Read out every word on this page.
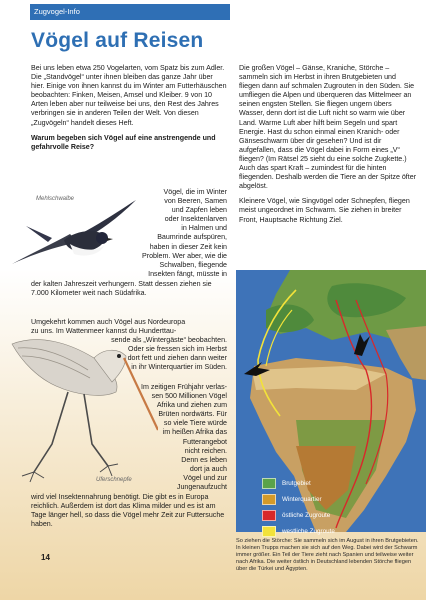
Zugvogel-Info
Vögel auf Reisen

Bei uns leben etwa 250 Vogelarten, vom Spatz bis zum Adler. Die „Standvögel“ unter ihnen bleiben das ganze Jahr über hier. Einige von ihnen kannst du im Winter am Futterhäuschen beobachten: Finken, Meisen, Amsel und Kleiber. 9 von 10 Arten leben aber nur teilweise bei uns, den Rest des Jahres verbringen sie in anderen Teilen der Welt. Von diesen „Zugvögeln“ handelt dieses Heft.

Warum begeben sich Vögel auf eine anstrengende und gefahrvolle Reise?

Mehlschwalbe
Vögel, die im Winter
von Beeren, Samen
und Zapfen leben
oder Insektenlarven
in Halmen und
Baumrinde aufspüren,
haben in dieser Zeit kein
Problem. Wer aber, wie die
Schwalben, fliegende
Insekten fängt, müsste in
der kalten Jahreszeit verhungern. Statt dessen ziehen sie 7.000 Kilometer weit nach Südafrika.
Umgekehrt kommen auch Vögel aus Nordeuropa
zu uns. Im Wattenmeer kannst du Hunderttau-
sende als „Wintergäste“ beobachten.
Oder sie fressen sich im Herbst
dort fett und ziehen dann weiter
in ihr Winterquartier im Süden.
Uferschnepfe
Im zeitigen Frühjahr verlas-
sen 500 Millionen Vögel
Afrika und ziehen zum
Brüten nordwärts. Für
so viele Tiere würde
im heißen Afrika das
Futterangebot
nicht reichen.
Denn es leben
dort ja auch
Vögel und zur
Jungenaufzucht
wird viel Insektennahrung benötigt. Die gibt es in Europa reichlich. Außerdem ist dort das Klima milder und es ist am Tage länger hell, so dass die Vögel mehr Zeit zur Futtersuche haben.

Die großen Vögel – Gänse, Kraniche, Störche – sammeln sich im Herbst in ihren Brutgebieten und fliegen dann auf schmalen Zugrouten in den Süden. Sie umfliegen die Alpen und überqueren das Mittelmeer an seinen engsten Stellen. Sie fliegen ungern übers Wasser, denn dort ist die Luft nicht so warm wie über Land. Warme Luft aber hilft beim Segeln und spart Energie. Hast du schon einmal einen Kranich- oder Gänseschwarm über dir gesehen? Und ist dir aufgefallen, dass die Vögel dabei in Form eines „V“ fliegen? (Im Rätsel 25 sieht du eine solche Zugkette.) Auch das spart Kraft – zumindest für die hinten fliegenden. Deshalb werden die Tiere an der Spitze öfter abgelöst.

Kleinere Vögel, wie Singvögel oder Schnepfen, fliegen meist ungeordnet im Schwarm. Sie ziehen in breiter Front, Hauptsache Richtung Ziel.

Brutgebiet
Winterquartier
östliche Zugroute
westliche Zugroute
So ziehen die Störche: Sie sammeln sich im August in ihren Brutgebieten. In kleinen Trupps machen sie sich auf den Weg. Dabei wird der Schwarm immer größer. Ein Teil der Tiere zieht nach Spanien und teilweise weiter nach Afrika. Die weiter östlich in Deutschland lebenden Störche fliegen über die Türkei und Ägypten.
14
